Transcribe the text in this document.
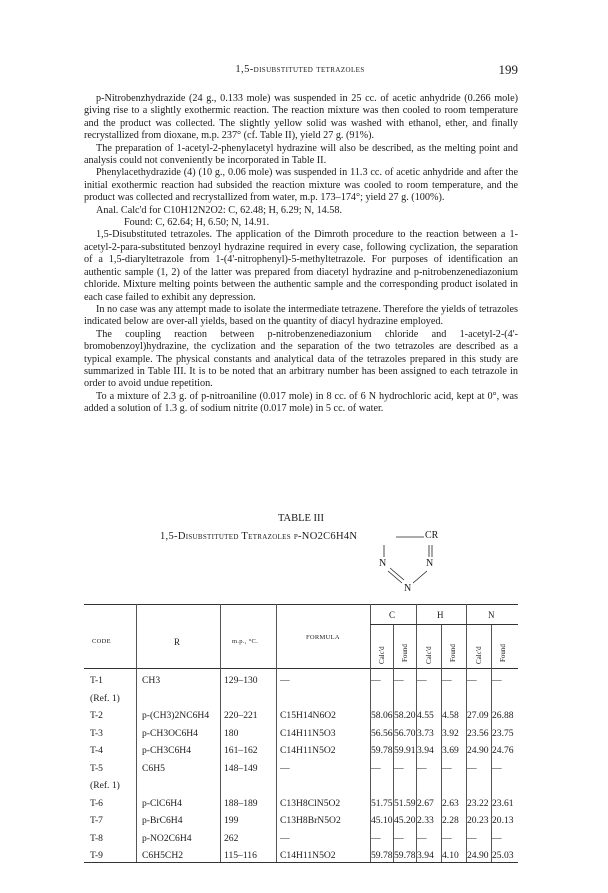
1,5-disubstituted tetrazoles	199

p-Nitrobenzhydrazide (24 g., 0.133 mole) was suspended in 25 cc. of acetic anhydride (0.266 mole) giving rise to a slightly exothermic reaction. The reaction mixture was then cooled to room temperature and the product was collected. The slightly yellow solid was washed with ethanol, ether, and finally recrystallized from dioxane, m.p. 237° (cf. Table II), yield 27 g. (91%).

The preparation of 1-acetyl-2-phenylacetyl hydrazine will also be described, as the melting point and analysis could not conveniently be incorporated in Table II.

Phenylacethydrazide (4) (10 g., 0.06 mole) was suspended in 11.3 cc. of acetic anhydride and after the initial exothermic reaction had subsided the reaction mixture was cooled to room temperature, and the product was collected and recrystallized from water, m.p. 173–174°; yield 27 g. (100%).

Anal. Calc'd for C10H12N2O2: C, 62.48; H, 6.29; N, 14.58.

Found: C, 62.64; H, 6.50; N, 14.91.

1,5-Disubstituted tetrazoles. The application of the Dimroth procedure to the reaction between a 1-acetyl-2-para-substituted benzoyl hydrazine required in every case, following cyclization, the separation of a 1,5-diaryltetrazole from 1-(4'-nitrophenyl)-5-methyltetrazole. For purposes of identification an authentic sample (1, 2) of the latter was prepared from diacetyl hydrazine and p-nitrobenzenediazonium chloride. Mixture melting points between the authentic sample and the corresponding product isolated in each case failed to exhibit any depression.

In no case was any attempt made to isolate the intermediate tetrazene. Therefore the yields of tetrazoles indicated below are over-all yields, based on the quantity of diacyl hydrazine employed.

The coupling reaction between p-nitrobenzenediazonium chloride and 1-acetyl-2-(4'-bromobenzoyl)hydrazine, the cyclization and the separation of the two tetrazoles are described as a typical example. The physical constants and analytical data of the tetrazoles prepared in this study are summarized in Table III. It is to be noted that an arbitrary number has been assigned to each tetrazole in order to avoid undue repetition.

To a mixture of 2.3 g. of p-nitroaniline (0.017 mole) in 8 cc. of 6 N hydrochloric acid, kept at 0°, was added a solution of 1.3 g. of sodium nitrite (0.017 mole) in 5 cc. of water.

TABLE III
1,5-Disubstituted Tetrazoles p-NO2C6H4N	CR
N	N
N
CODE	R	m.p., °C.
FORMULA
C	H	N
Calc'd Found Calc'd Found	Calc'd Found
T-1	CH3	129–130 —	— — — — — —
(Ref. 1)
T-2	p-(CH3)2NC6H4 220–221 C15H14N6O2	58.06 58.20 4.55 4.58 27.09 26.88
T-3	p-CH3OC6H4	180	C14H11N5O3	56.56 56.70 3.73 3.92 23.56 23.75
T-4	p-CH3C6H4	161–162 C14H11N5O2	59.78 59.91 3.94 3.69 24.90 24.76
T-5	C6H5	148–149 —	— — — — — —
(Ref. 1)
T-6	p-ClC6H4	188–189 C13H8ClN5O2	51.75 51.59 2.67 2.63 23.22 23.61
T-7	p-BrC6H4	199	C13H8BrN5O2	45.10 45.20 2.33 2.28 20.23 20.13
T-8	p-NO2C6H4	262	—	— — — — — —
T-9	C6H5CH2	115–116 C14H11N5O2	59.78 59.78 3.94 4.10 24.90 25.03
